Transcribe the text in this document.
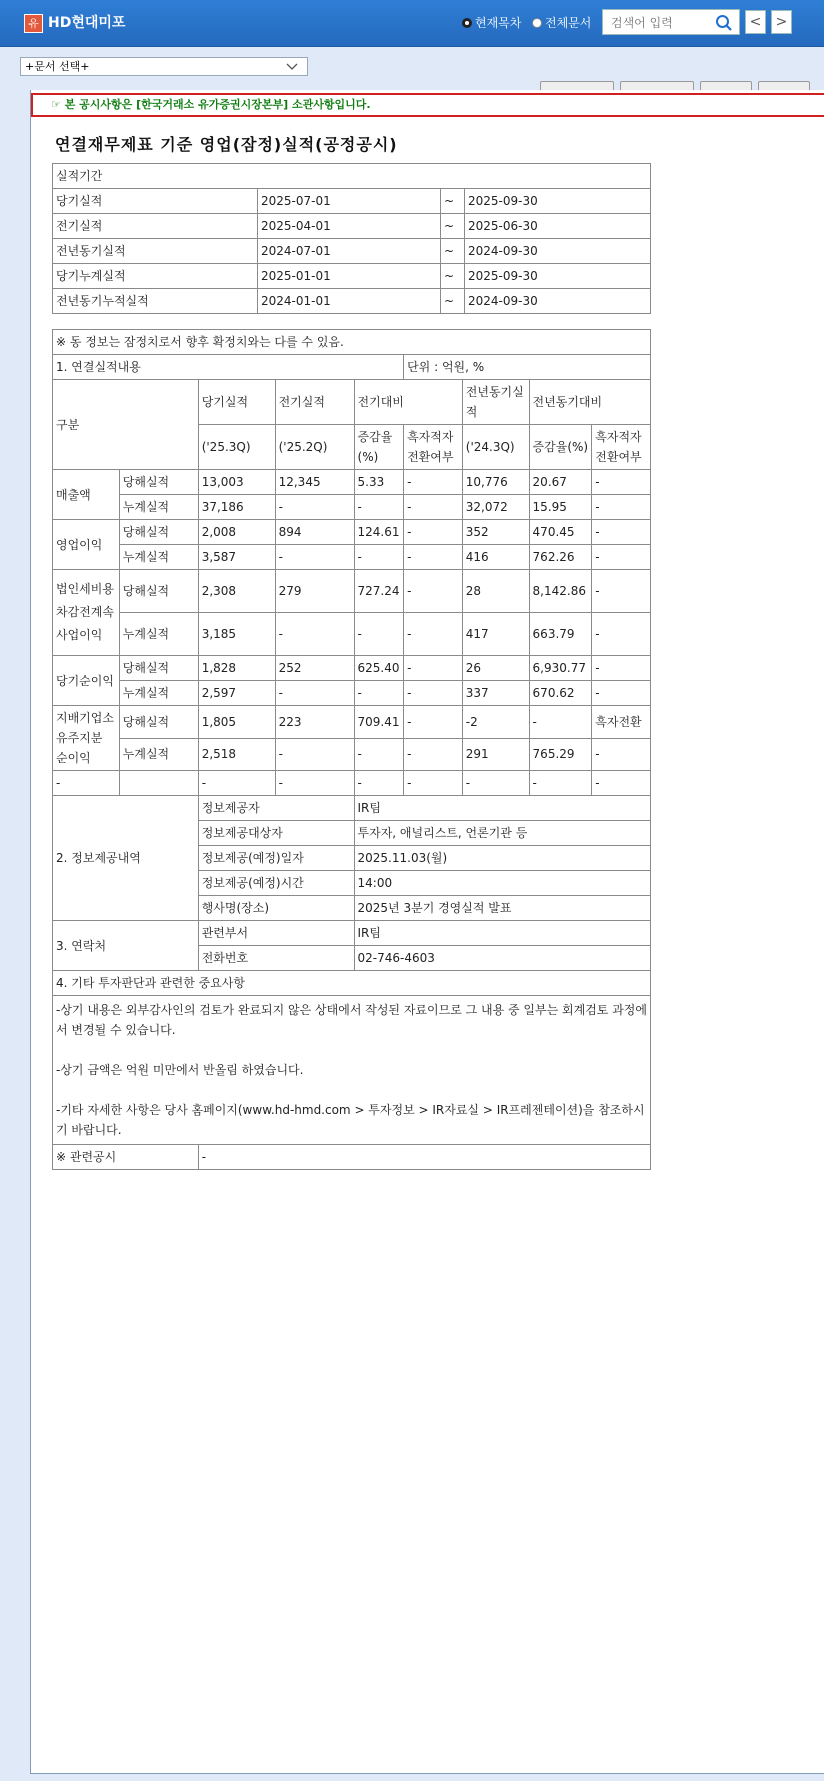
유 HD현대미포	현재목차 전체문서
검색어 입력	<	>
+문서 선택+
☞ 본 공시사항은 [한국거래소 유가증권시장본부] 소관사항입니다.
연결재무제표 기준 영업(잠정)실적(공정공시)
실적기간			
당기실적	2025-07-01	~	2025-09-30
전기실적	2025-04-01	~	2025-06-30
전년동기실적	2024-07-01	~	2024-09-30
당기누계실적	2025-01-01	~	2025-09-30
전년동기누적실적	2024-01-01	~	2024-09-30
※ 동 정보는 잠정치로서 향후 확정치와는 다를 수 있음.								
1. 연결실적내용					단위 : 억원, %			
구분		당기실적	전기실적	전기대비		전년동기실적	전년동기대비	
		('25.3Q)	('25.2Q)	증감율(%)	흑자적자전환여부	('24.3Q)	증감율(%)	흑자적자전환여부
매출액	당해실적	13,003	12,345	5.33	-	10,776	20.67	-
	누계실적	37,186	-	-	-	32,072	15.95	-
영업이익	당해실적	2,008	894	124.61	-	352	470.45	-
	누계실적	3,587	-	-	-	416	762.26	-
법인세비용차감전계속사업이익	당해실적	2,308	279	727.24	-	28	8,142.86	-
	누계실적	3,185	-	-	-	417	663.79	-
당기순이익	당해실적	1,828	252	625.40	-	26	6,930.77	-
	누계실적	2,597	-	-	-	337	670.62	-
지배기업소유주지분 순이익	당해실적	1,805	223	709.41	-	-2	-	흑자전환
	누계실적	2,518	-	-	-	291	765.29	-
-		-	-	-	-	-	-	-
2. 정보제공내역		정보제공자		IR팀				
		정보제공대상자		투자자, 애널리스트, 언론기관 등				
		정보제공(예정)일자		2025.11.03(월)				
		정보제공(예정)시간		14:00				
		행사명(장소)		2025년 3분기 경영실적 발표				
3. 연락처		관련부서		IR팀				
		전화번호		02-746-4603				
4. 기타 투자판단과 관련한 중요사항								
-상기 내용은 외부감사인의 검토가 완료되지 않은 상태에서 작성된 자료이므로 그 내용 중 일부는 회계검토 과정에서 변경될 수 있습니다.

-상기 금액은 억원 미만에서 반올림 하였습니다.

-기타 자세한 사항은 당사 홈페이지(www.hd-hmd.com > 투자정보 > IR자료실 > IR프레젠테이션)을 참조하시기 바랍니다.								
※ 관련공시		-						
